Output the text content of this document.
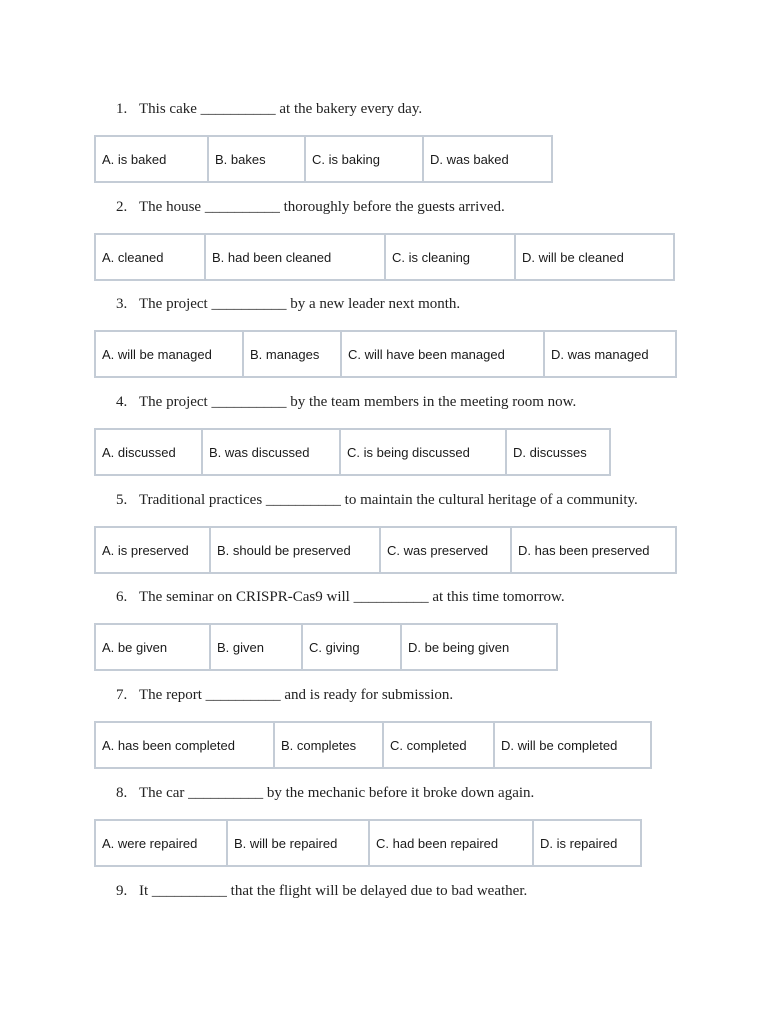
1. This cake __________ at the bakery every day.
A. is baked	B. bakes	C. is baking	D. was baked
2. The house __________ thoroughly before the guests arrived.
A. cleaned	B. had been cleaned	C. is cleaning	D. will be cleaned
3. The project __________ by a new leader next month.
A. will be managed	B. manages	C. will have been managed	D. was managed
4. The project __________ by the team members in the meeting room now.
A. discussed	B. was discussed	C. is being discussed	D. discusses
5. Traditional practices __________ to maintain the cultural heritage of a community.
A. is preserved	B. should be preserved	C. was preserved	D. has been preserved
6. The seminar on CRISPR-Cas9 will __________ at this time tomorrow.
A. be given	B. given	C. giving	D. be being given
7. The report __________ and is ready for submission.
A. has been completed	B. completes	C. completed	D. will be completed
8. The car __________ by the mechanic before it broke down again.
A. were repaired	B. will be repaired	C. had been repaired	D. is repaired
9. It __________ that the flight will be delayed due to bad weather.
